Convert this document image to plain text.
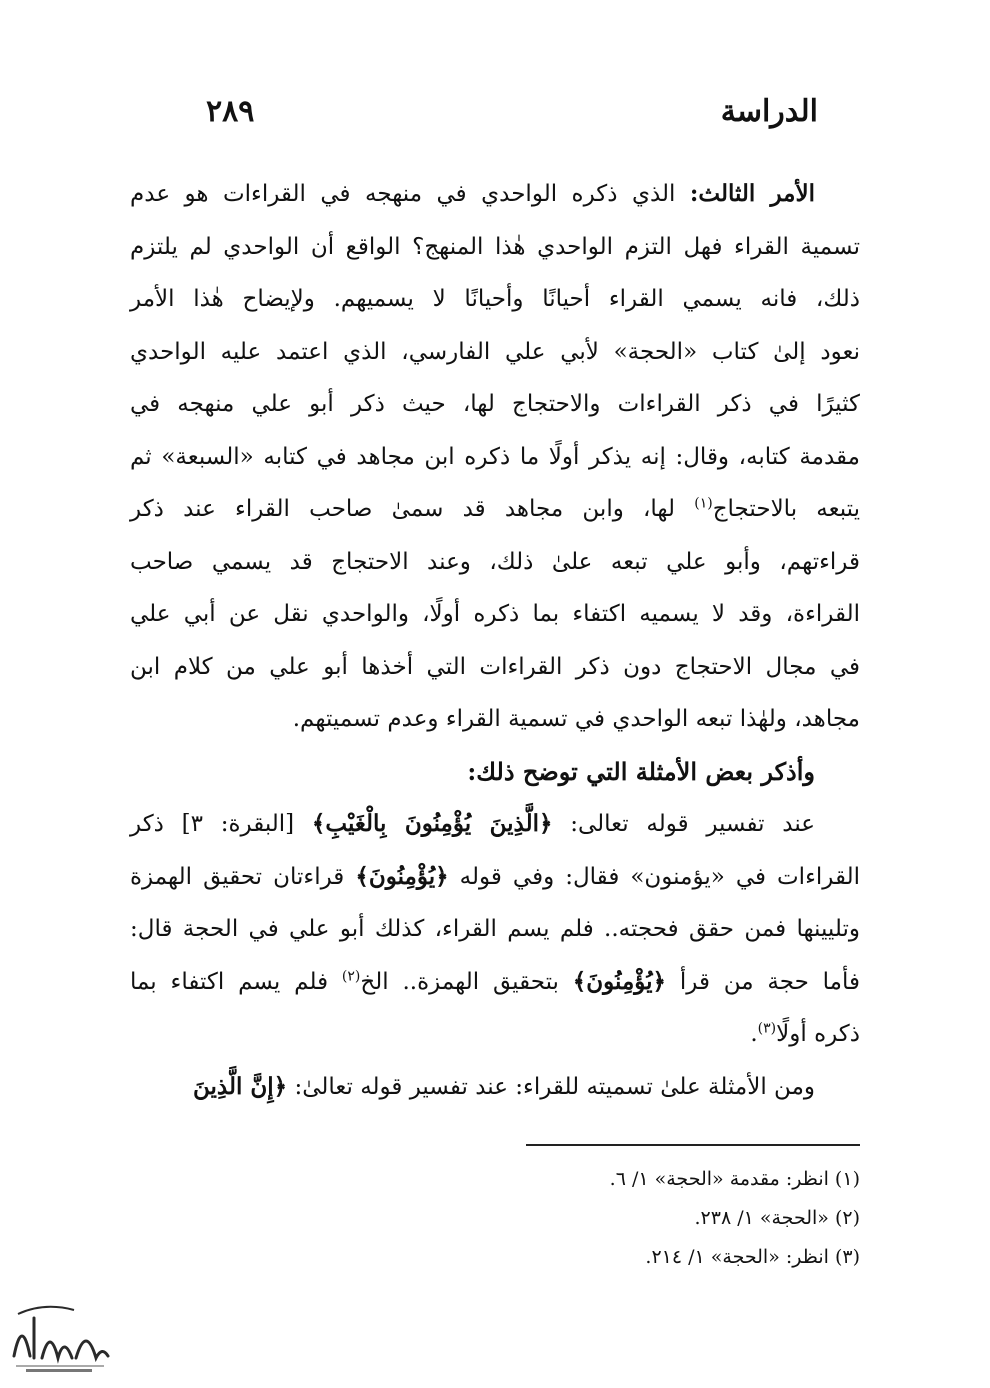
الدراسة
٢٨٩

الأمر الثالث: الذي ذكره الواحدي في منهجه في القراءات هو عدم

تسمية القراء فهل التزم الواحدي هٰذا المنهج؟ الواقع أن الواحدي لم يلتزم

ذلك، فانه يسمي القراء أحيانًا وأحيانًا لا يسميهم. ولإيضاح هٰذا الأمر

نعود إلىٰ كتاب «الحجة» لأبي علي الفارسي، الذي اعتمد عليه الواحدي

كثيرًا في ذكر القراءات والاحتجاج لها، حيث ذكر أبو علي منهجه في

مقدمة كتابه، وقال: إنه يذكر أولًا ما ذكره ابن مجاهد في كتابه «السبعة» ثم

يتبعه بالاحتجاج$^{(١)}$ لها، وابن مجاهد قد سمىٰ صاحب القراء عند ذكر

قراءتهم، وأبو علي تبعه علىٰ ذلك، وعند الاحتجاج قد يسمي صاحب

القراءة، وقد لا يسميه اكتفاء بما ذكره أولًا، والواحدي نقل عن أبي علي

في مجال الاحتجاج دون ذكر القراءات التي أخذها أبو علي من كلام ابن

مجاهد، ولهٰذا تبعه الواحدي في تسمية القراء وعدم تسميتهم.

وأذكر بعض الأمثلة التي توضح ذلك:

عند تفسير قوله تعالى: ﴿الَّذِينَ يُؤْمِنُونَ بِالْغَيْبِ﴾ [البقرة: ٣] ذكر

القراءات في «يؤمنون» فقال: وفي قوله ﴿يُؤْمِنُونَ﴾ قراءتان تحقيق الهمزة

وتليينها فمن حقق فحجته.. فلم يسم القراء، كذلك أبو علي في الحجة قال:

فأما حجة من قرأ ﴿يُؤْمِنُونَ﴾ بتحقيق الهمزة.. الخ$^{(٢)}$ فلم يسم اكتفاء بما

ذكره أولًا$^{(٣)}$.

ومن الأمثلة علىٰ تسميته للقراء: عند تفسير قوله تعالىٰ: ﴿إِنَّ الَّذِينَ

(١) انظر: مقدمة «الحجة» ١/ ٦.
(٢) «الحجة» ١/ ٢٣٨.
(٣) انظر: «الحجة» ١/ ٢١٤.
